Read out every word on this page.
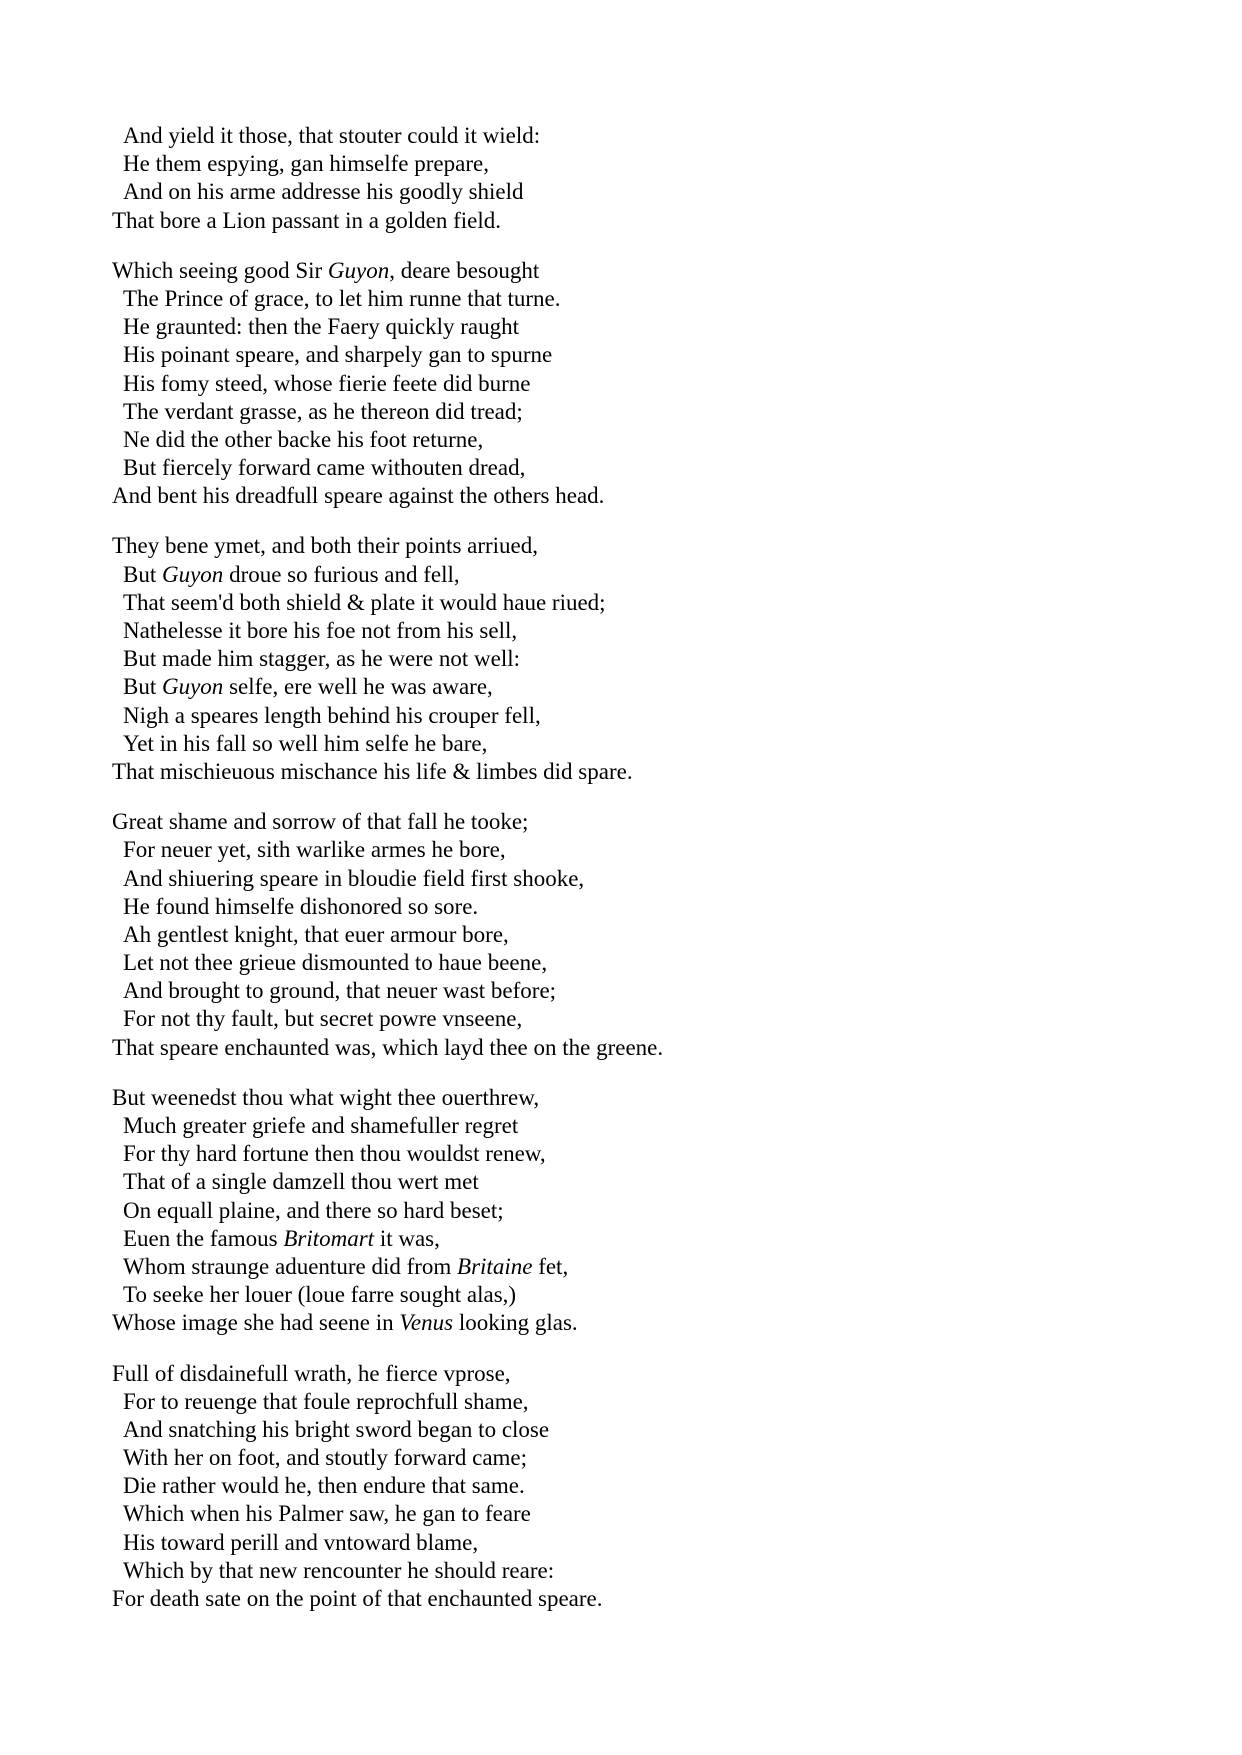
And yield it those, that stouter could it wield:
He them espying, gan himselfe prepare,
And on his arme addresse his goodly shield
That bore a Lion passant in a golden field.
Which seeing good Sir Guyon, deare besought
The Prince of grace, to let him runne that turne.
He graunted: then the Faery quickly raught
His poinant speare, and sharpely gan to spurne
His fomy steed, whose fierie feete did burne
The verdant grasse, as he thereon did tread;
Ne did the other backe his foot returne,
But fiercely forward came withouten dread,
And bent his dreadfull speare against the others head.
They bene ymet, and both their points arriued,
But Guyon droue so furious and fell,
That seem'd both shield & plate it would haue riued;
Nathelesse it bore his foe not from his sell,
But made him stagger, as he were not well:
But Guyon selfe, ere well he was aware,
Nigh a speares length behind his crouper fell,
Yet in his fall so well him selfe he bare,
That mischieuous mischance his life & limbes did spare.
Great shame and sorrow of that fall he tooke;
For neuer yet, sith warlike armes he bore,
And shiuering speare in bloudie field first shooke,
He found himselfe dishonored so sore.
Ah gentlest knight, that euer armour bore,
Let not thee grieue dismounted to haue beene,
And brought to ground, that neuer wast before;
For not thy fault, but secret powre vnseene,
That speare enchaunted was, which layd thee on the greene.
But weenedst thou what wight thee ouerthrew,
Much greater griefe and shamefuller regret
For thy hard fortune then thou wouldst renew,
That of a single damzell thou wert met
On equall plaine, and there so hard beset;
Euen the famous Britomart it was,
Whom straunge aduenture did from Britaine fet,
To seeke her louer (loue farre sought alas,)
Whose image she had seene in Venus looking glas.
Full of disdainefull wrath, he fierce vprose,
For to reuenge that foule reprochfull shame,
And snatching his bright sword began to close
With her on foot, and stoutly forward came;
Die rather would he, then endure that same.
Which when his Palmer saw, he gan to feare
His toward perill and vntoward blame,
Which by that new rencounter he should reare:
For death sate on the point of that enchaunted speare.
